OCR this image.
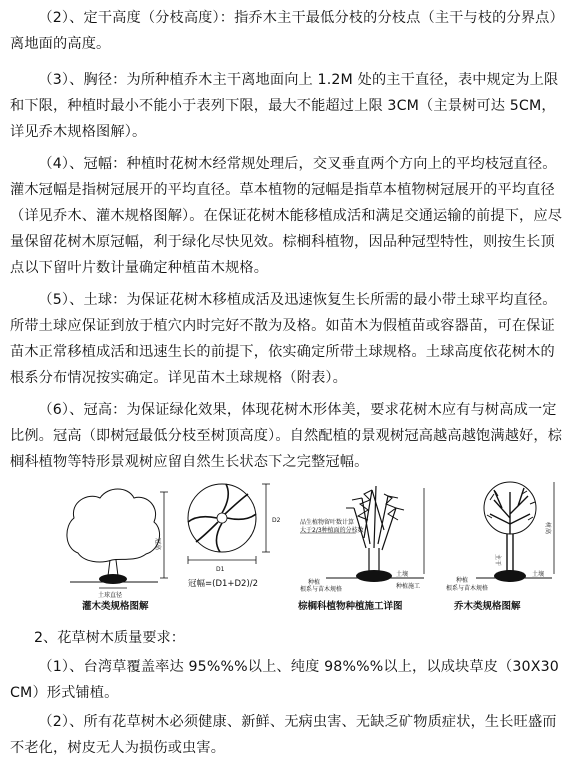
（2）、定干高度（分枝高度）：指乔木主干最低分枝的分枝点（主干与枝的分界点）离地面的高度。

（3）、胸径：为所种植乔木主干离地面向上 1.2M 处的主干直径，表中规定为上限和下限，种植时最小不能小于表列下限，最大不能超过上限 3CM（主景树可达 5CM，详见乔木规格图解）。

（4）、冠幅：种植时花树木经常规处理后，交叉垂直两个方向上的平均枝冠直径。灌木冠幅是指树冠展开的平均直径。草本植物的冠幅是指草本植物树冠展开的平均直径（详见乔木、灌木规格图解）。在保证花树木能移植成活和满足交通运输的前提下，应尽量保留花树木原冠幅，利于绿化尽快见效。棕榈科植物，因品种冠型特性，则按生长顶点以下留叶片数计量确定种植苗木规格。

（5）、土球：为保证花树木移植成活及迅速恢复生长所需的最小带土球平均直径。所带土球应保证到放于植穴内时完好不散为及格。如苗木为假植苗或容器苗，可在保证苗木正常移植成活和迅速生长的前提下，依实确定所带土球规格。土球高度依花树木的根系分布情况按实确定。详见苗木土球规格（附表）。

（6）、冠高：为保证绿化效果，体现花树木形体美，要求花树木应有与树高成一定比例。冠高（即树冠最低分枝至树顶高度）。自然配植的景观树冠高越高越饱满越好，棕榈科植物等特形景观树应留自然生长状态下之完整冠幅。

冠高
土球直径
灌木类规格图解
D2
D1
冠幅=(D1+D2)/2
品生植物留叶数计算
大于2/3种植面的分枝数
种植
根系与苗木规格
土壤
种植施工
棕榈科植物种植施工详图
树高
主干
种植
根系与苗木规格
土壤
乔木类规格图解

2、花草树木质量要求：

（1）、台湾草覆盖率达 95%%%以上、纯度 98%%%以上，以成块草皮（30X30CM）形式铺植。

（2）、所有花草树木必须健康、新鲜、无病虫害、无缺乏矿物质症状，生长旺盛而不老化，树皮无人为损伤或虫害。
